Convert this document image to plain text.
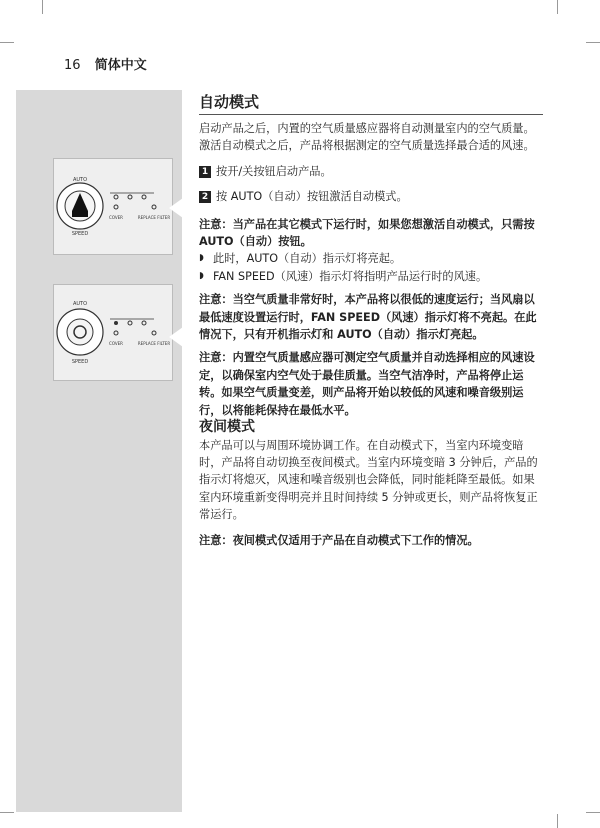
16 简体中文
AUTO
SPEED
COVER	REPLACE FILTER
AUTO
SPEED
COVER	REPLACE FILTER
自动模式

启动产品之后，内置的空气质量感应器将自动测量室内的空气质量。激活自动模式之后，产品将根据测定的空气质量选择最合适的风速。

1 按开/关按钮启动产品。
2 按 AUTO（自动）按钮激活自动模式。

注意：当产品在其它模式下运行时，如果您想激活自动模式，只需按 AUTO（自动）按钮。

◗ 此时，AUTO（自动）指示灯将亮起。
◗ FAN SPEED（风速）指示灯将指明产品运行时的风速。

注意：当空气质量非常好时，本产品将以很低的速度运行；当风扇以最低速度设置运行时，FAN SPEED（风速）指示灯将不亮起。在此情况下，只有开机指示灯和 AUTO（自动）指示灯亮起。

注意：内置空气质量感应器可测定空气质量并自动选择相应的风速设定，以确保室内空气处于最佳质量。当空气洁净时，产品将停止运转。如果空气质量变差，则产品将开始以较低的风速和噪音级别运行，以将能耗保持在最低水平。

夜间模式

本产品可以与周围环境协调工作。在自动模式下，当室内环境变暗时，产品将自动切换至夜间模式。当室内环境变暗 3 分钟后，产品的指示灯将熄灭，风速和噪音级别也会降低，同时能耗降至最低。如果室内环境重新变得明亮并且时间持续 5 分钟或更长，则产品将恢复正常运行。

注意：夜间模式仅适用于产品在自动模式下工作的情况。
